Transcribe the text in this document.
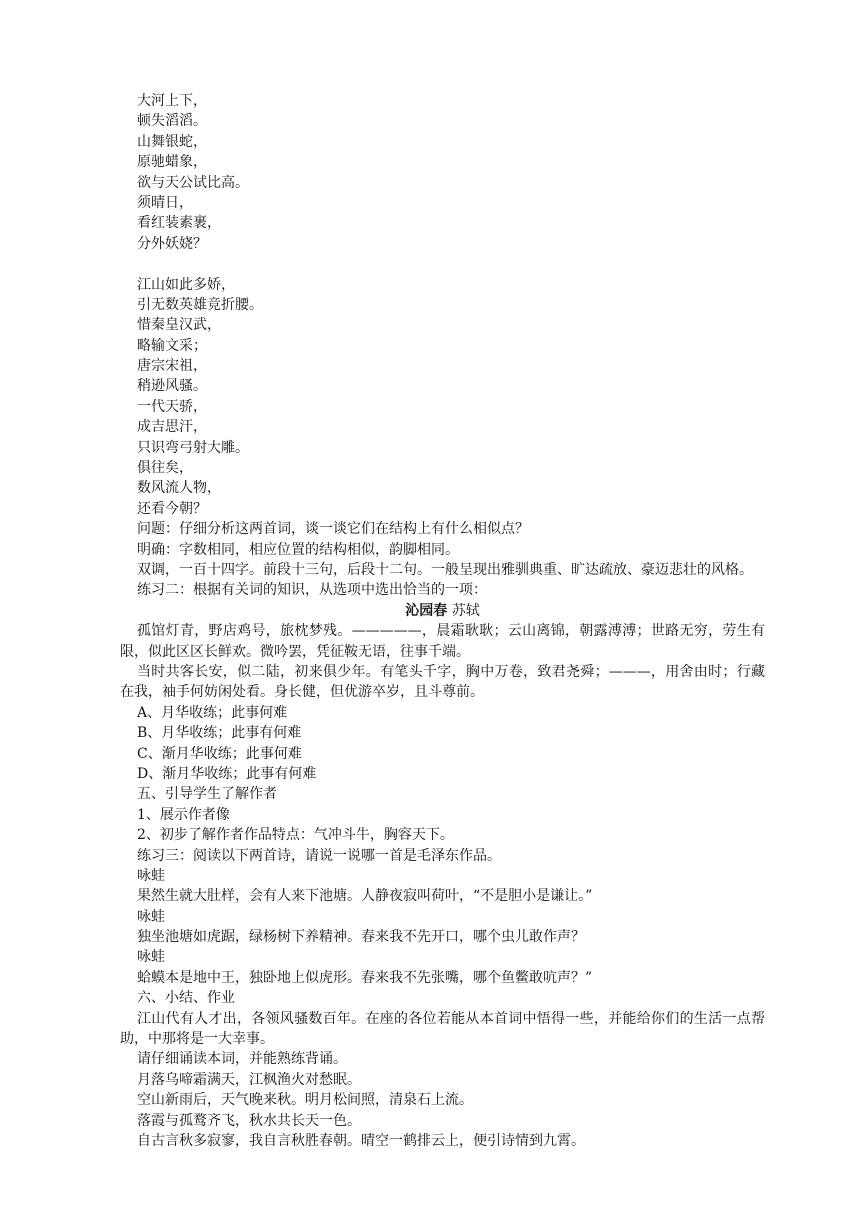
大河上下，
顿失滔滔。
山舞银蛇，
原驰蜡象，
欲与天公试比高。
须晴日，
看红装素裹，
分外妖娆？
江山如此多娇，
引无数英雄竞折腰。
惜秦皇汉武，
略输文采；
唐宗宋祖，
稍逊风骚。
一代天骄，
成吉思汗，
只识弯弓射大雕。
俱往矣，
数风流人物，
还看今朝？
问题：仔细分析这两首词，谈一谈它们在结构上有什么相似点？
明确：字数相同，相应位置的结构相似，韵脚相同。
双调，一百十四字。前段十三句，后段十二句。一般呈现出雅驯典重、旷达疏放、豪迈悲壮的风格。
练习二：根据有关词的知识，从选项中选出恰当的一项：
沁园春 苏轼
孤馆灯青，野店鸡号，旅枕梦残。—————，晨霜耿耿；云山离锦，朝露溥溥；世路无穷，劳生有限，似此区区长鲜欢。微吟罢，凭征鞍无语，往事千端。
当时共客长安，似二陆，初来俱少年。有笔头千字，胸中万卷，致君尧舜；———，用舍由时；行藏在我，袖手何妨闲处看。身长健，但优游卒岁，且斗尊前。
A、月华收练；此事何难
B、月华收练；此事有何难
C、渐月华收练；此事何难
D、渐月华收练；此事有何难
五、引导学生了解作者
1、展示作者像
2、初步了解作者作品特点：气冲斗牛，胸容天下。
练习三：阅读以下两首诗，请说一说哪一首是毛泽东作品。
咏蛙
果然生就大肚样，会有人来下池塘。人静夜寂叫荷叶，“不是胆小是谦让。”
咏蛙
独坐池塘如虎踞，绿杨树下养精神。春来我不先开口，哪个虫儿敢作声？
咏蛙
蛤蟆本是地中王，独卧地上似虎形。春来我不先张嘴，哪个鱼鳖敢吭声？”
六、小结、作业
江山代有人才出，各领风骚数百年。在座的各位若能从本首词中悟得一些，并能给你们的生活一点帮助，中那将是一大幸事。
请仔细诵读本词，并能熟练背诵。
月落乌啼霜满天，江枫渔火对愁眠。
空山新雨后，天气晚来秋。明月松间照，清泉石上流。
落霞与孤鹜齐飞，秋水共长天一色。
自古言秋多寂寥，我自言秋胜春朝。晴空一鹤排云上，便引诗情到九霄。
